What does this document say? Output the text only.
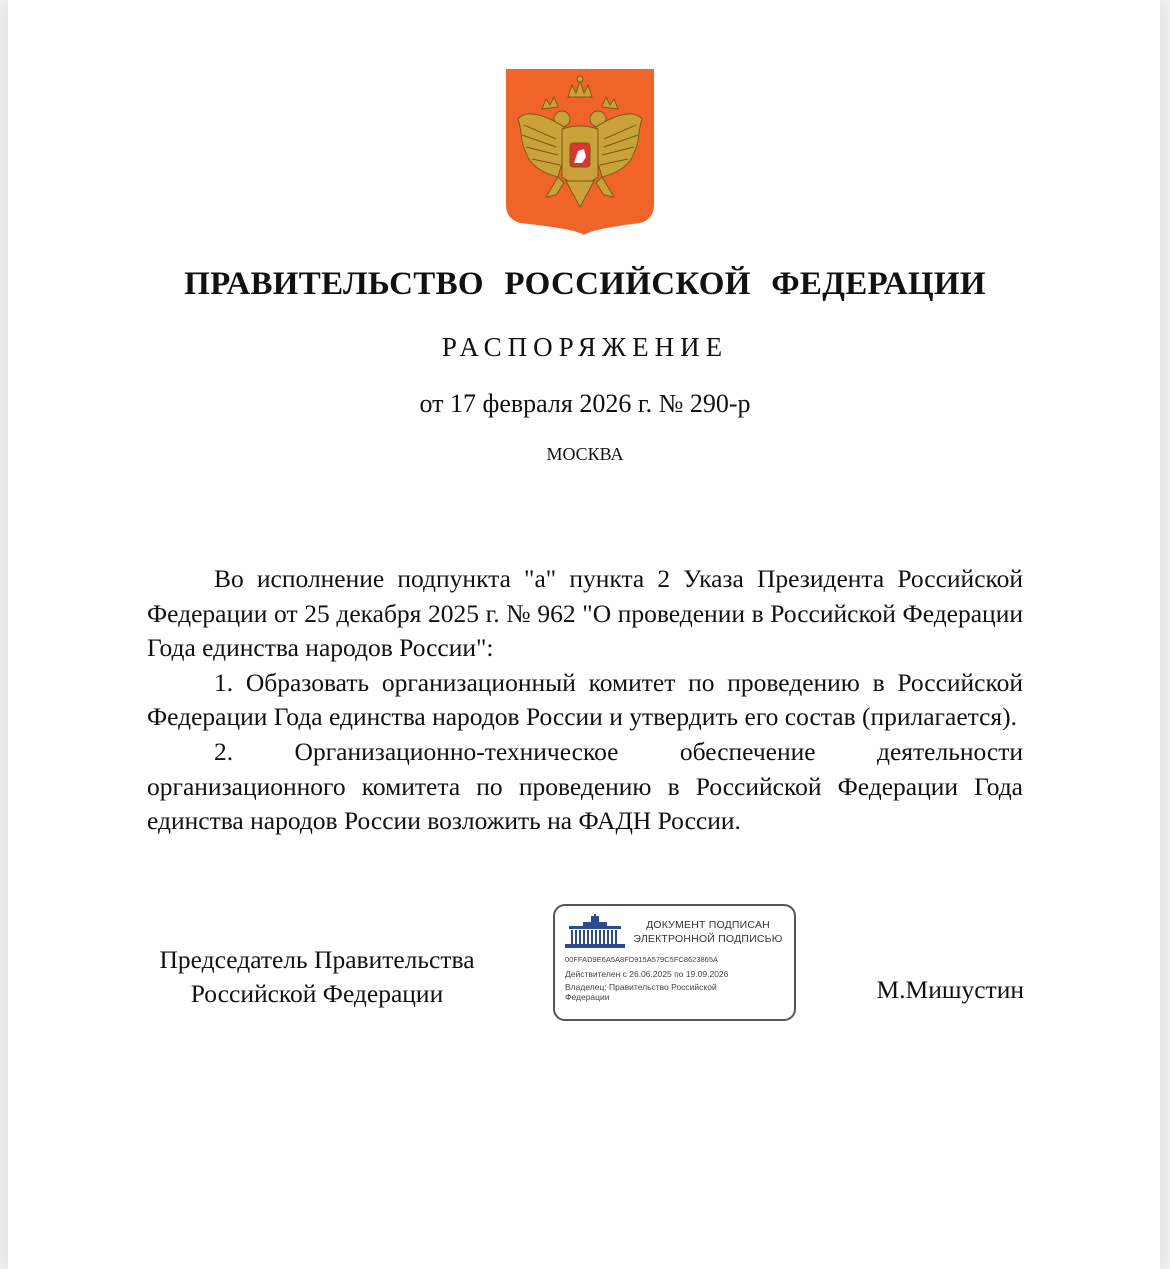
ПРАВИТЕЛЬСТВО РОССИЙСКОЙ ФЕДЕРАЦИИ
РАСПОРЯЖЕНИЕ
от 17 февраля 2026 г. № 290-р
МОСКВА

Во исполнение подпункта "а" пункта 2 Указа Президента Российской Федерации от 25 декабря 2025 г. № 962 "О проведении в Российской Федерации Года единства народов России":

1. Образовать организационный комитет по проведению в Российской Федерации Года единства народов России и утвердить его состав (прилагается).

2. Организационно-техническое обеспечение деятельности организационного комитета по проведению в Российской Федерации Года единства народов России возложить на ФАДН России.

Председатель Правительства
Российской Федерации
ДОКУМЕНТ ПОДПИСАН
ЭЛЕКТРОННОЙ ПОДПИСЬЮ
00FFAD9E6A5A8FD915A579C5FC8623865A
Действителен с 26.06.2025 по 19.09.2026
Владелец: Правительство Российской
Федерации	М.Мишустин
